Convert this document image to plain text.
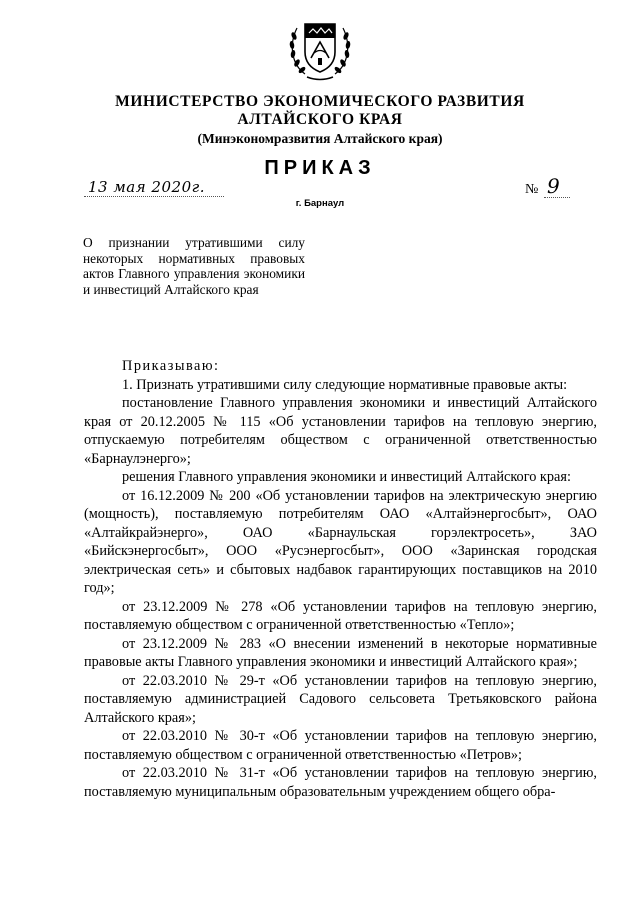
МИНИСТЕРСТВО ЭКОНОМИЧЕСКОГО РАЗВИТИЯ
АЛТАЙСКОГО КРАЯ
(Минэкономразвития Алтайского края)
ПРИКАЗ
13 мая 2020г.	№ 9
г. Барнаул
О признании утратившими силу некоторых нормативных правовых актов Главного управления экономики и инвестиций Алтайского края

Приказываю:

1. Признать утратившими силу следующие нормативные правовые акты:

постановление Главного управления экономики и инвестиций Алтайского края от 20.12.2005 № 115 «Об установлении тарифов на тепловую энергию, отпускаемую потребителям обществом с ограниченной ответственностью «Барнаулэнерго»;

решения Главного управления экономики и инвестиций Алтайского края:

от 16.12.2009 № 200 «Об установлении тарифов на электрическую энергию (мощность), поставляемую потребителям ОАО «Алтайэнергосбыт», ОАО «Алтайкрайэнерго», ОАО «Барнаульская горэлектросеть», ЗАО «Бийскэнергосбыт», ООО «Русэнергосбыт», ООО «Заринская городская электрическая сеть» и сбытовых надбавок гарантирующих поставщиков на 2010 год»;

от 23.12.2009 № 278 «Об установлении тарифов на тепловую энергию, поставляемую обществом с ограниченной ответственностью «Тепло»;

от 23.12.2009 № 283 «О внесении изменений в некоторые нормативные правовые акты Главного управления экономики и инвестиций Алтайского края»;

от 22.03.2010 № 29-т «Об установлении тарифов на тепловую энергию, поставляемую администрацией Садового сельсовета Третьяковского района Алтайского края»;

от 22.03.2010 № 30-т «Об установлении тарифов на тепловую энергию, поставляемую обществом с ограниченной ответственностью «Петров»;

от 22.03.2010 № 31-т «Об установлении тарифов на тепловую энергию, поставляемую муниципальным образовательным учреждением общего обра-
